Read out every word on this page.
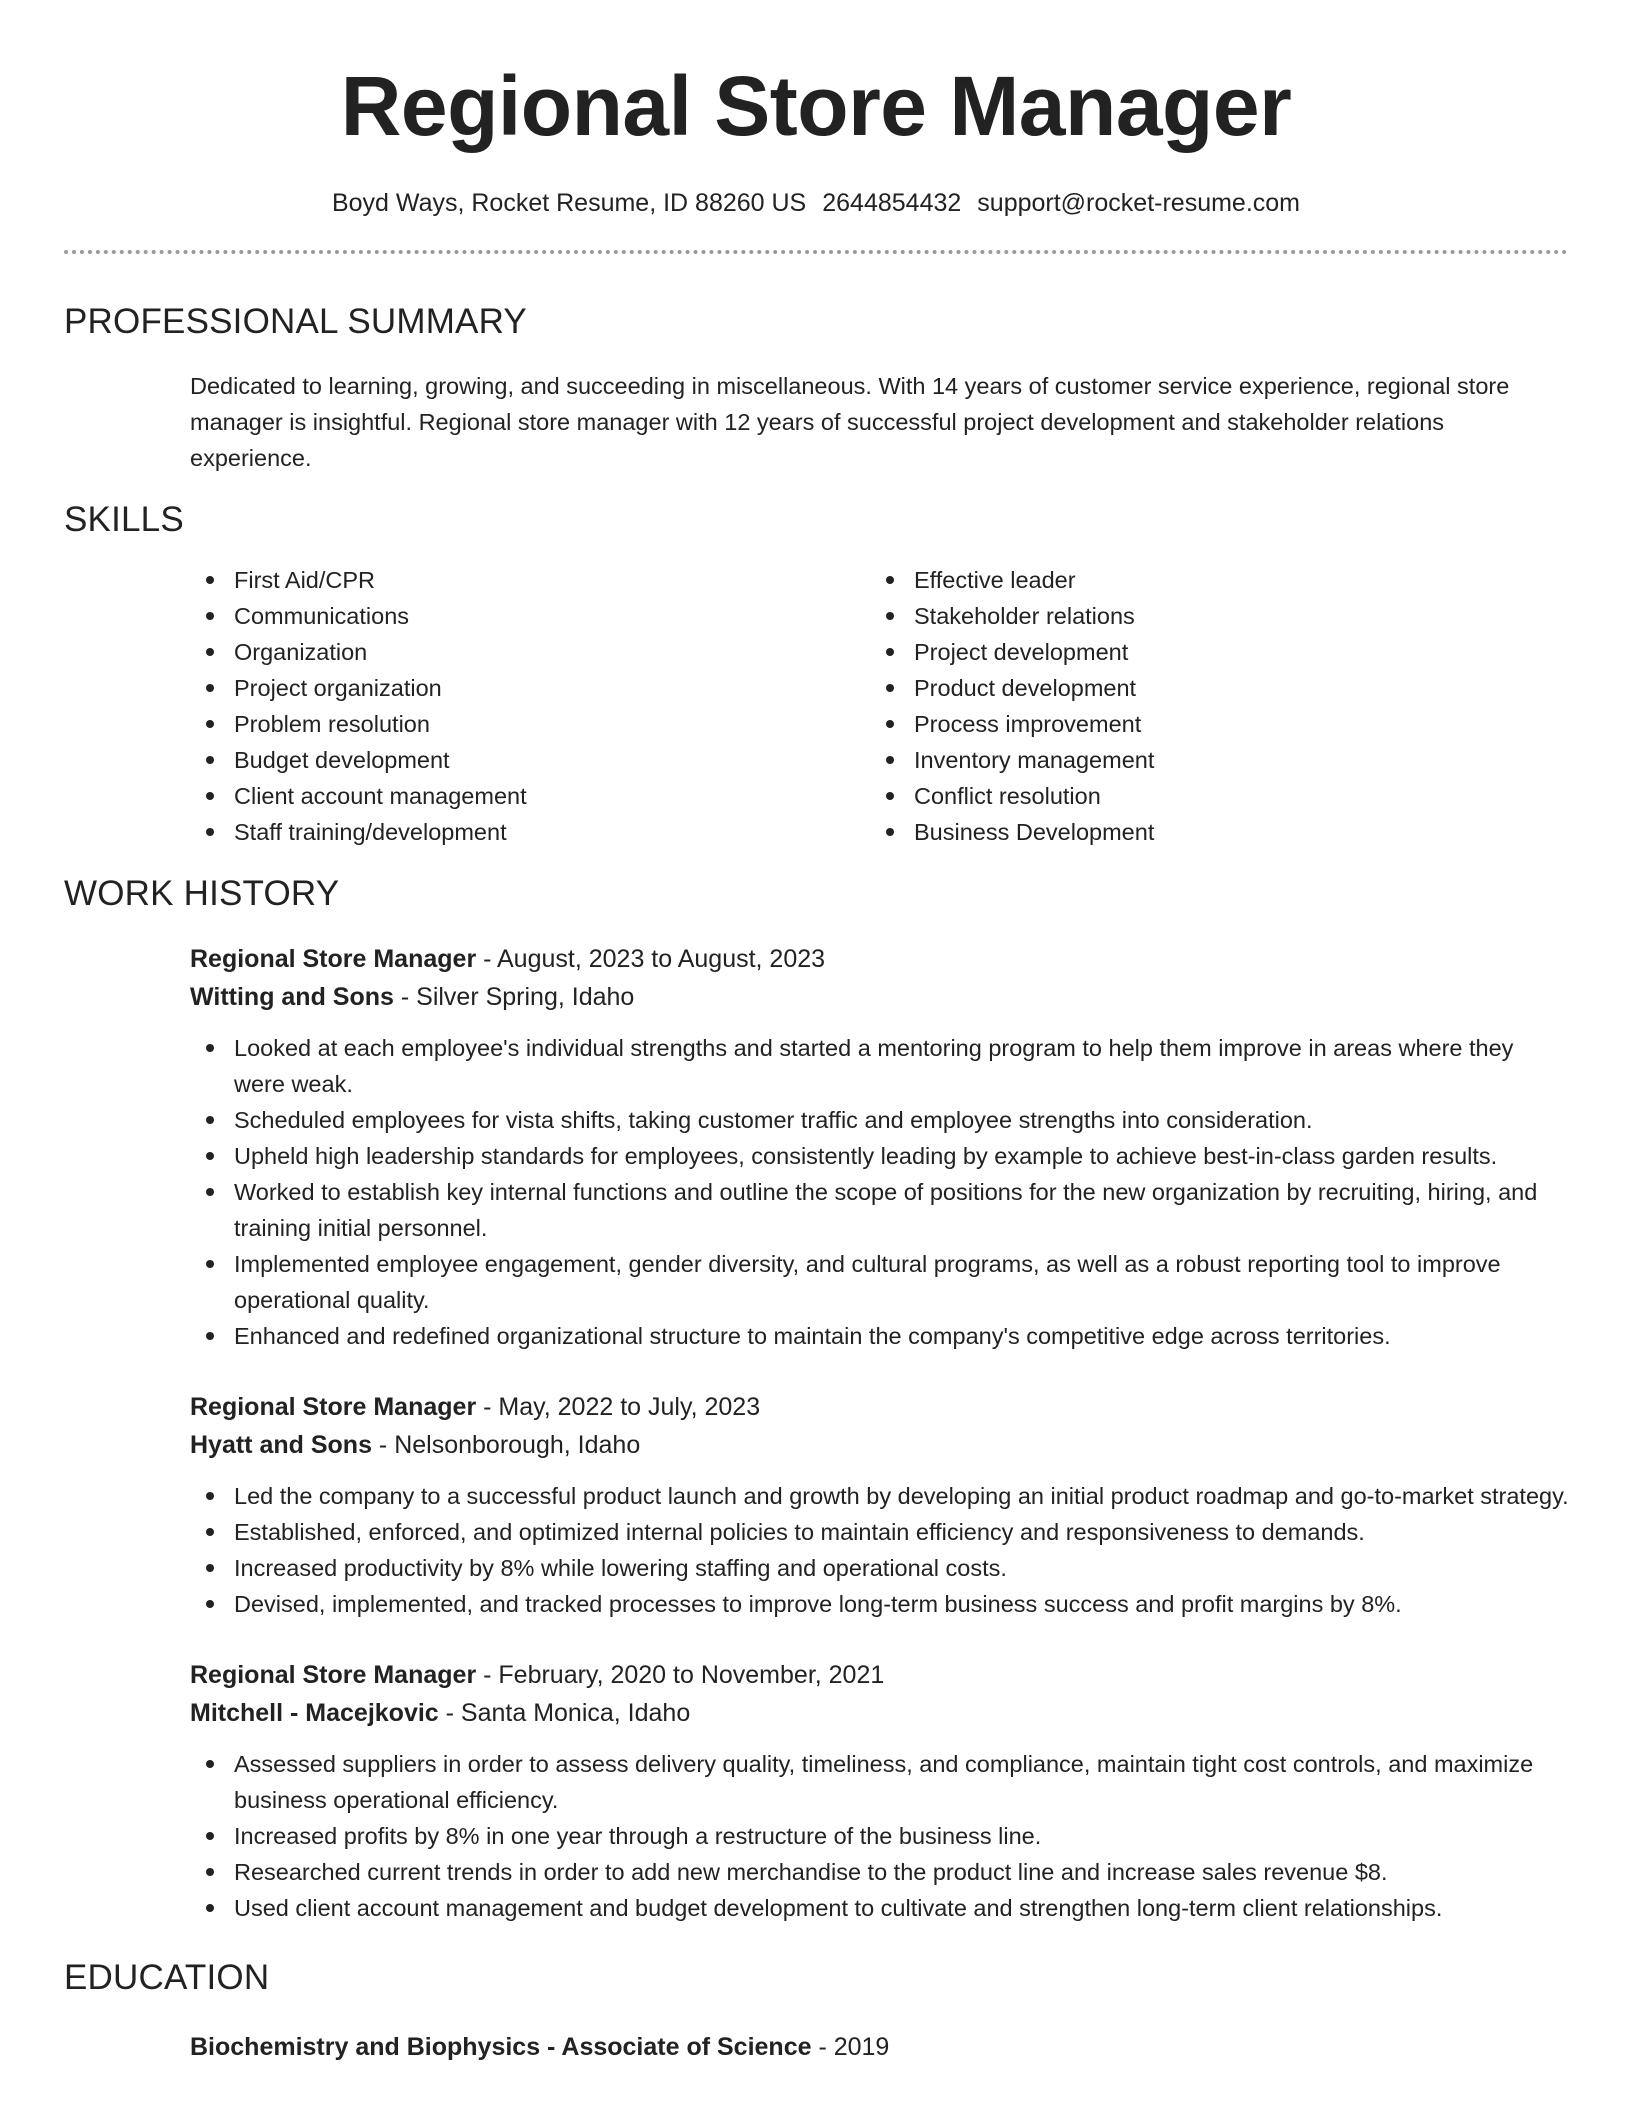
Regional Store Manager
Boyd Ways, Rocket Resume, ID 88260 US 2644854432 support@rocket-resume.com
PROFESSIONAL SUMMARY

Dedicated to learning, growing, and succeeding in miscellaneous. With 14 years of customer service experience, regional store manager is insightful. Regional store manager with 12 years of successful project development and stakeholder relations experience.

SKILLS
First Aid/CPR
Communications
Organization
Project organization
Problem resolution
Budget development
Client account management
Staff training/development
Effective leader
Stakeholder relations
Project development
Product development
Process improvement
Inventory management
Conflict resolution
Business Development
WORK HISTORY
Regional Store Manager - August, 2023 to August, 2023
Witting and Sons - Silver Spring, Idaho
Looked at each employee's individual strengths and started a mentoring program to help them improve in areas where they were weak.
Scheduled employees for vista shifts, taking customer traffic and employee strengths into consideration.
Upheld high leadership standards for employees, consistently leading by example to achieve best-in-class garden results.
Worked to establish key internal functions and outline the scope of positions for the new organization by recruiting, hiring, and training initial personnel.
Implemented employee engagement, gender diversity, and cultural programs, as well as a robust reporting tool to improve operational quality.
Enhanced and redefined organizational structure to maintain the company's competitive edge across territories.
Regional Store Manager - May, 2022 to July, 2023
Hyatt and Sons - Nelsonborough, Idaho
Led the company to a successful product launch and growth by developing an initial product roadmap and go-to-market strategy.
Established, enforced, and optimized internal policies to maintain efficiency and responsiveness to demands.
Increased productivity by 8% while lowering staffing and operational costs.
Devised, implemented, and tracked processes to improve long-term business success and profit margins by 8%.
Regional Store Manager - February, 2020 to November, 2021
Mitchell - Macejkovic - Santa Monica, Idaho
Assessed suppliers in order to assess delivery quality, timeliness, and compliance, maintain tight cost controls, and maximize business operational efficiency.
Increased profits by 8% in one year through a restructure of the business line.
Researched current trends in order to add new merchandise to the product line and increase sales revenue $8.
Used client account management and budget development to cultivate and strengthen long-term client relationships.
EDUCATION
Biochemistry and Biophysics - Associate of Science - 2019
